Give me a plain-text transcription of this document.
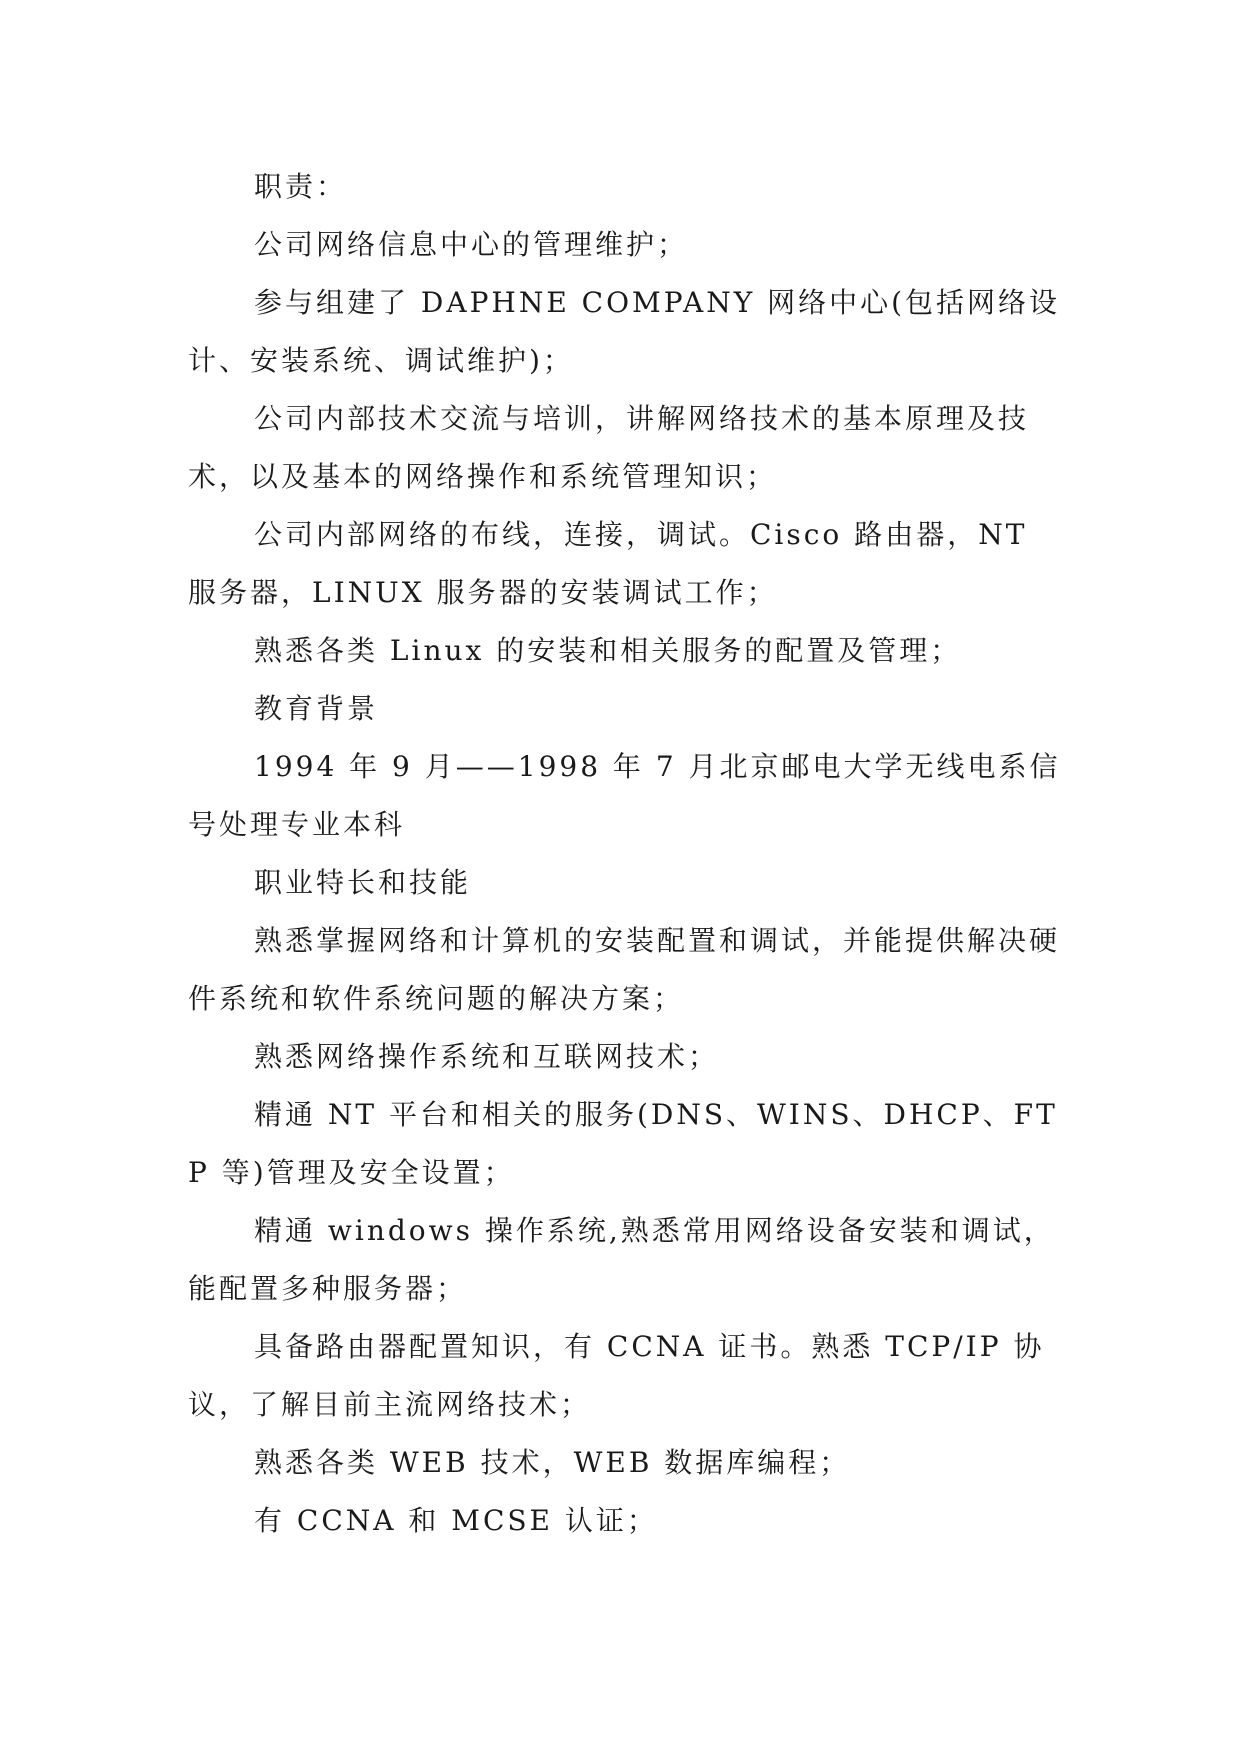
职责：

公司网络信息中心的管理维护；

参与组建了 DAPHNE COMPANY 网络中心(包括网络设计、安装系统、调试维护)；

公司内部技术交流与培训，讲解网络技术的基本原理及技术，以及基本的网络操作和系统管理知识；

公司内部网络的布线，连接，调试。Cisco 路由器，NT 服务器，LINUX 服务器的安装调试工作；

熟悉各类 Linux 的安装和相关服务的配置及管理；

教育背景

1994 年 9 月——1998 年 7 月北京邮电大学无线电系信号处理专业本科

职业特长和技能

熟悉掌握网络和计算机的安装配置和调试，并能提供解决硬件系统和软件系统问题的解决方案；

熟悉网络操作系统和互联网技术；

精通 NT 平台和相关的服务(DNS、WINS、DHCP、FTP 等)管理及安全设置；

精通 windows 操作系统,熟悉常用网络设备安装和调试，能配置多种服务器；

具备路由器配置知识，有 CCNA 证书。熟悉 TCP/IP 协议，了解目前主流网络技术；

熟悉各类 WEB 技术，WEB 数据库编程；

有 CCNA 和 MCSE 认证；
